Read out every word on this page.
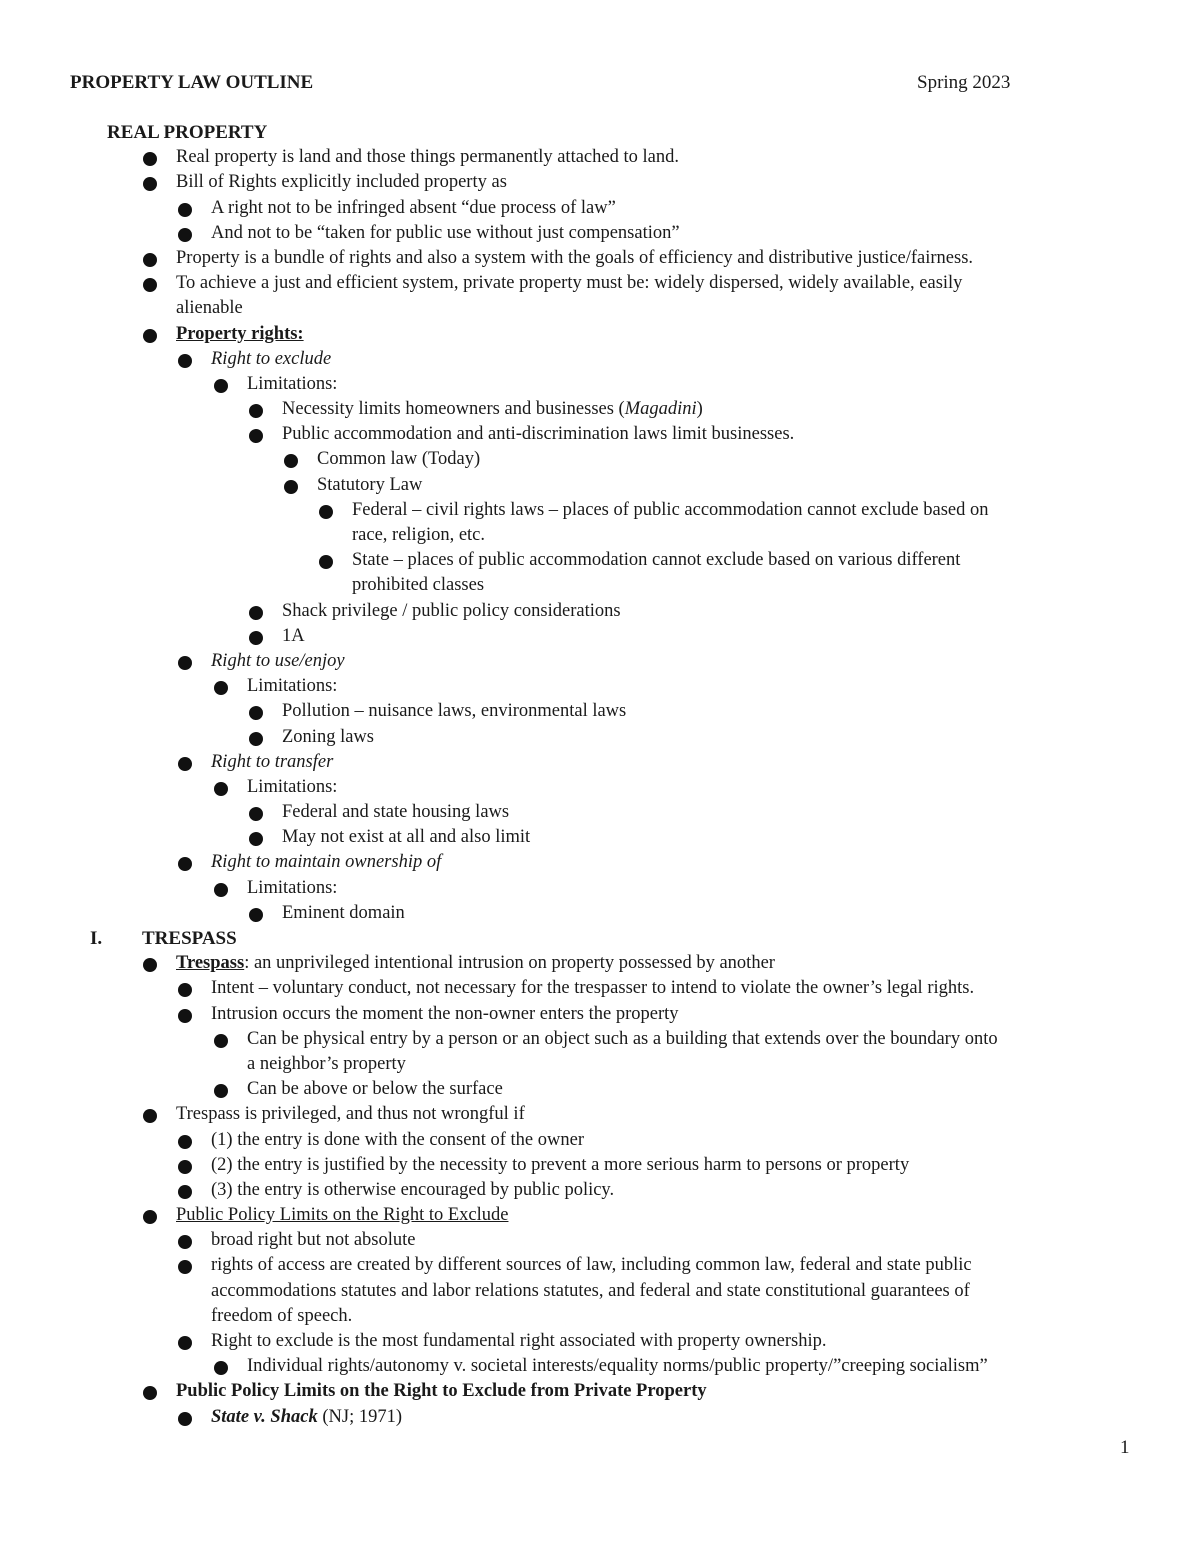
PROPERTY LAW OUTLINE	Spring 2023
REAL PROPERTY
Real property is land and those things permanently attached to land.
Bill of Rights explicitly included property as
A right not to be infringed absent “due process of law”
And not to be “taken for public use without just compensation”
Property is a bundle of rights and also a system with the goals of efficiency and distributive justice/fairness.
To achieve a just and efficient system, private property must be: widely dispersed, widely available, easily
alienable
Property rights:
Right to exclude
Limitations:
Necessity limits homeowners and businesses (Magadini)
Public accommodation and anti-discrimination laws limit businesses.
Common law (Today)
Statutory Law
Federal – civil rights laws – places of public accommodation cannot exclude based on
race, religion, etc.
State – places of public accommodation cannot exclude based on various different
prohibited classes
Shack privilege / public policy considerations
1A
Right to use/enjoy
Limitations:
Pollution – nuisance laws, environmental laws
Zoning laws
Right to transfer
Limitations:
Federal and state housing laws
May not exist at all and also limit
Right to maintain ownership of
Limitations:
Eminent domain
I. TRESPASS
Trespass: an unprivileged intentional intrusion on property possessed by another
Intent – voluntary conduct, not necessary for the trespasser to intend to violate the owner’s legal rights.
Intrusion occurs the moment the non-owner enters the property
Can be physical entry by a person or an object such as a building that extends over the boundary onto
a neighbor’s property
Can be above or below the surface
Trespass is privileged, and thus not wrongful if
(1) the entry is done with the consent of the owner
(2) the entry is justified by the necessity to prevent a more serious harm to persons or property
(3) the entry is otherwise encouraged by public policy.
Public Policy Limits on the Right to Exclude
broad right but not absolute
rights of access are created by different sources of law, including common law, federal and state public
accommodations statutes and labor relations statutes, and federal and state constitutional guarantees of
freedom of speech.
Right to exclude is the most fundamental right associated with property ownership.
Individual rights/autonomy v. societal interests/equality norms/public property/”creeping socialism”
Public Policy Limits on the Right to Exclude from Private Property
State v. Shack (NJ; 1971)
1
